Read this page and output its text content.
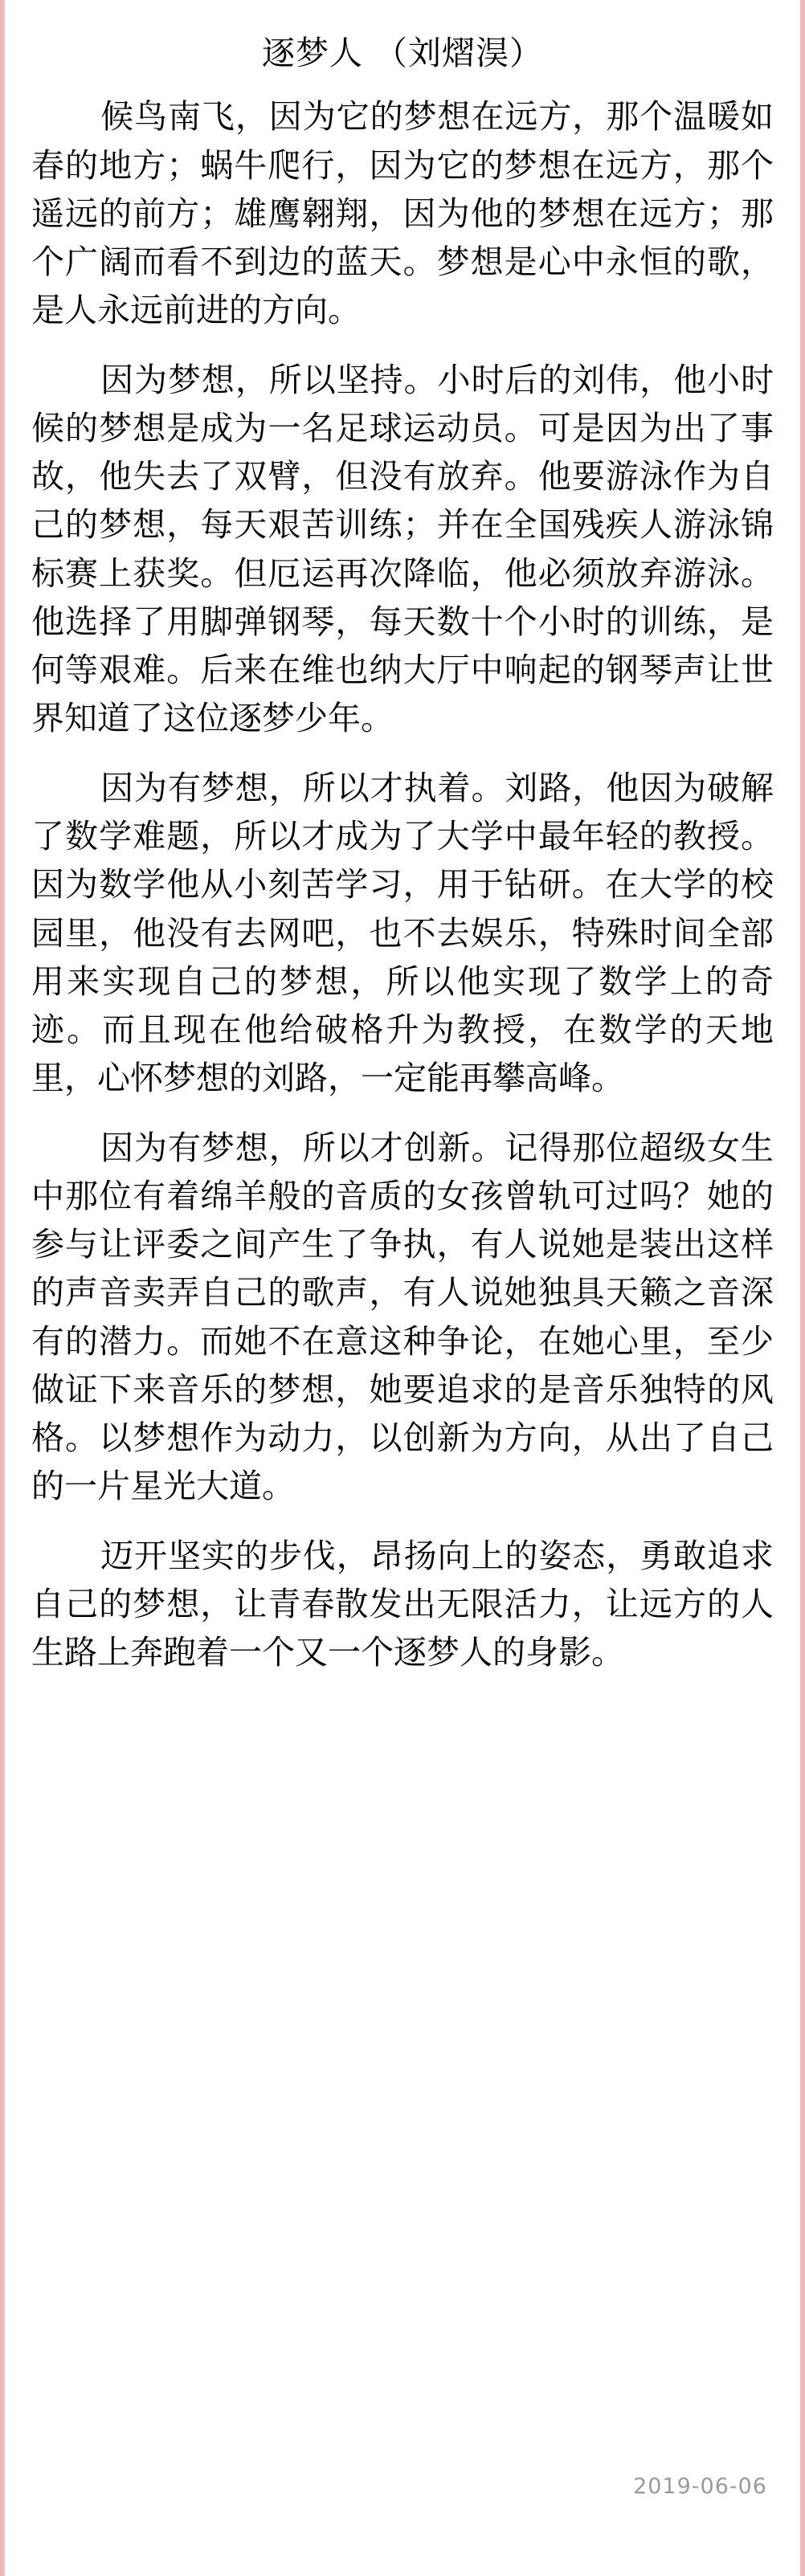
逐梦人 （刘熠淏）

候鸟南飞，因为它的梦想在远方，那个温暖如春的地方；蜗牛爬行，因为它的梦想在远方，那个遥远的前方；雄鹰翱翔，因为他的梦想在远方；那个广阔而看不到边的蓝天。梦想是心中永恒的歌，是人永远前进的方向。

因为梦想，所以坚持。小时后的刘伟，他小时候的梦想是成为一名足球运动员。可是因为出了事故，他失去了双臂，但没有放弃。他要游泳作为自己的梦想，每天艰苦训练；并在全国残疾人游泳锦标赛上获奖。但厄运再次降临，他必须放弃游泳。他选择了用脚弹钢琴，每天数十个小时的训练，是何等艰难。后来在维也纳大厅中响起的钢琴声让世界知道了这位逐梦少年。

因为有梦想，所以才执着。刘路，他因为破解了数学难题，所以才成为了大学中最年轻的教授。因为数学他从小刻苦学习，用于钻研。在大学的校园里，他没有去网吧，也不去娱乐，特殊时间全部用来实现自己的梦想，所以他实现了数学上的奇迹。而且现在他给破格升为教授，在数学的天地里，心怀梦想的刘路，一定能再攀高峰。

因为有梦想，所以才创新。记得那位超级女生中那位有着绵羊般的音质的女孩曾轨可过吗？她的参与让评委之间产生了争执，有人说她是装出这样的声音卖弄自己的歌声，有人说她独具天籁之音深有的潜力。而她不在意这种争论，在她心里，至少做证下来音乐的梦想，她要追求的是音乐独特的风格。以梦想作为动力，以创新为方向，从出了自己的一片星光大道。

迈开坚实的步伐，昂扬向上的姿态，勇敢追求自己的梦想，让青春散发出无限活力，让远方的人生路上奔跑着一个又一个逐梦人的身影。

2019-06-06
